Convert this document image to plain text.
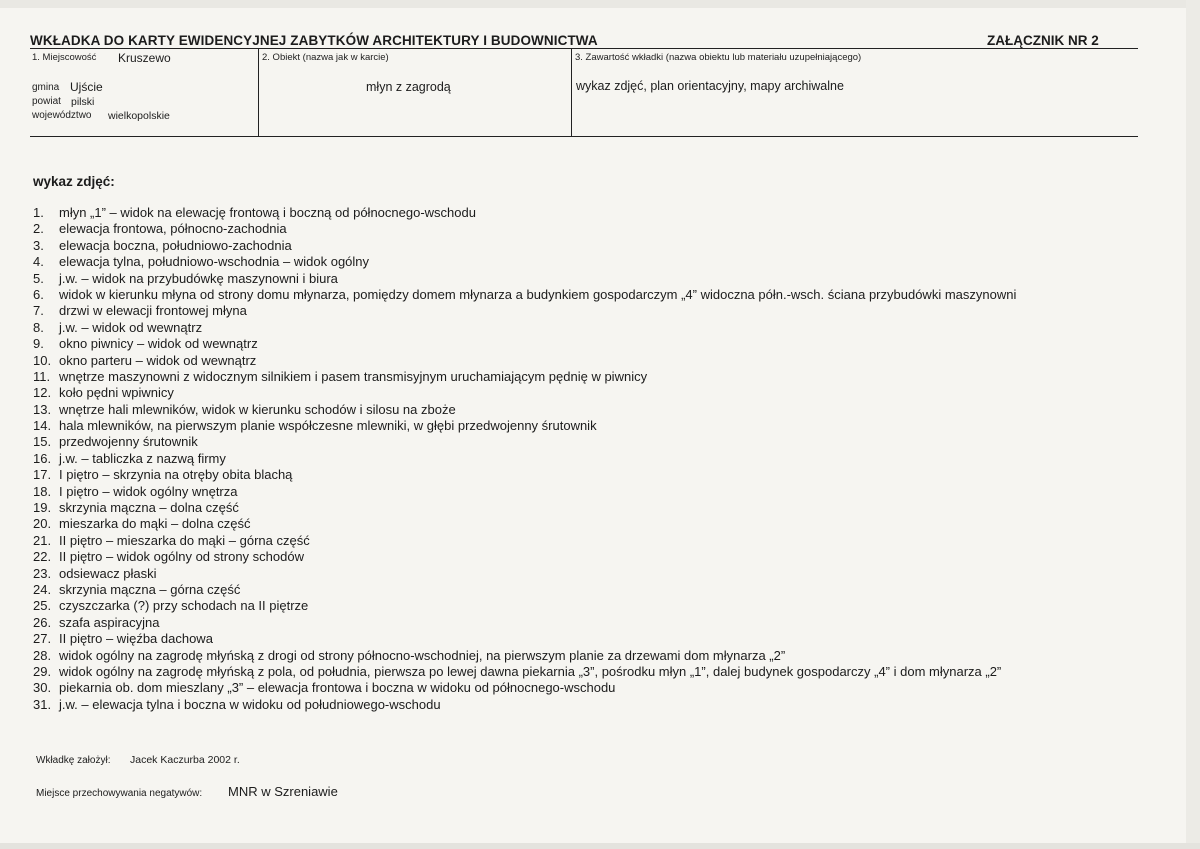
WKŁADKA DO KARTY EWIDENCYJNEJ ZABYTKÓW ARCHITEKTURY I BUDOWNICTWA	ZAŁĄCZNIK NR 2
1. Miejscowość Kruszewo
gmina Ujście
powiat pilski
województwo wielkopolskie
2. Obiekt (nazwa jak w karcie)
młyn z zagrodą
3. Zawartość wkładki (nazwa obiektu lub materiału uzupełniającego)
wykaz zdjęć, plan orientacyjny, mapy archiwalne
wykaz zdjęć:
1.	młyn „1” – widok na elewację frontową i boczną od północnego-wschodu
2.	elewacja frontowa, północno-zachodnia
3.	elewacja boczna, południowo-zachodnia
4.	elewacja tylna, południowo-wschodnia – widok ogólny
5.	j.w. – widok na przybudówkę maszynowni i biura
6.	widok w kierunku młyna od strony domu młynarza, pomiędzy domem młynarza a budynkiem gospodarczym „4” widoczna półn.-wsch. ściana przybudówki maszynowni
7.	drzwi w elewacji frontowej młyna
8.	j.w. – widok od wewnątrz
9.	okno piwnicy – widok od wewnątrz
10. okno parteru – widok od wewnątrz
11. wnętrze maszynowni z widocznym silnikiem i pasem transmisyjnym uruchamiającym pędnię w piwnicy
12. koło pędni wpiwnicy
13. wnętrze hali mlewników, widok w kierunku schodów i silosu na zboże
14. hala mlewników, na pierwszym planie współczesne mlewniki, w głębi przedwojenny śrutownik
15. przedwojenny śrutownik
16. j.w. – tabliczka z nazwą firmy
17. I piętro – skrzynia na otręby obita blachą
18. I piętro – widok ogólny wnętrza
19. skrzynia mączna – dolna część
20. mieszarka do mąki – dolna część
21. II piętro – mieszarka do mąki – górna część
22. II piętro – widok ogólny od strony schodów
23. odsiewacz płaski
24. skrzynia mączna – górna część
25. czyszczarka (?) przy schodach na II piętrze
26. szafa aspiracyjna
27. II piętro – więźba dachowa
28. widok ogólny na zagrodę młyńską z drogi od strony północno-wschodniej, na pierwszym planie za drzewami dom młynarza „2”
29. widok ogólny na zagrodę młyńską z pola, od południa, pierwsza po lewej dawna piekarnia „3”, pośrodku młyn „1”, dalej budynek gospodarczy „4” i dom młynarza „2”
30. piekarnia ob. dom mieszlany „3” – elewacja frontowa i boczna w widoku od północnego-wschodu
31. j.w. – elewacja tylna i boczna w widoku od południowego-wschodu
Wkładkę założył: Jacek Kaczurba 2002 r.
Miejsce przechowywania negatywów: MNR w Szreniawie
